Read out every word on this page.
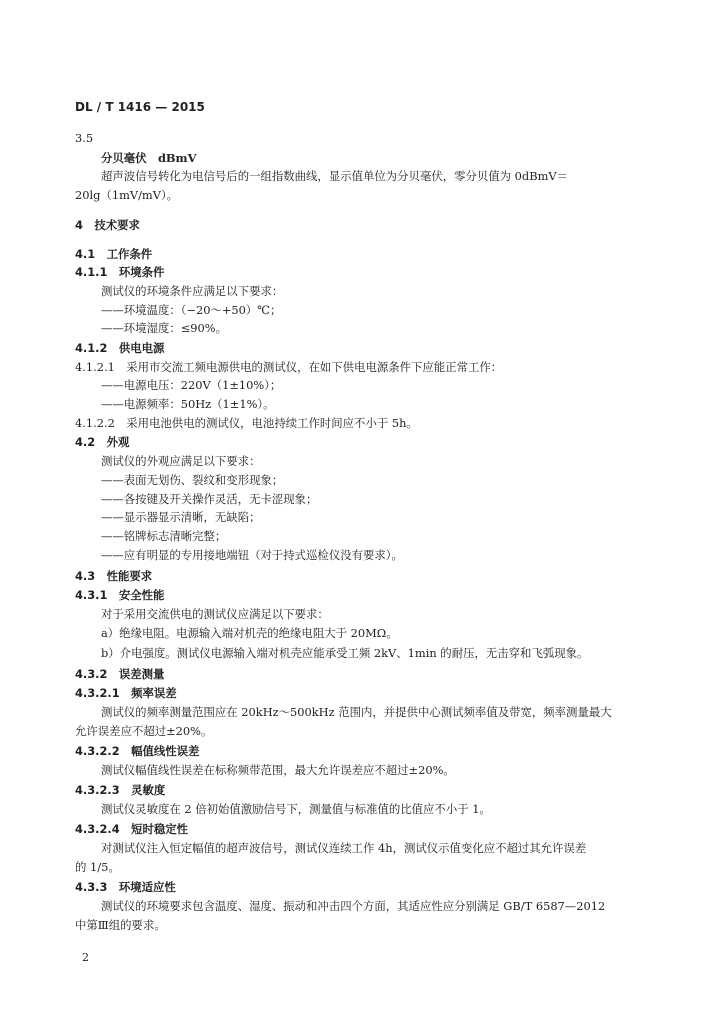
DL / T 1416 — 2015
3.5
分贝毫伏　dBmV
超声波信号转化为电信号后的一组指数曲线，显示值单位为分贝毫伏，零分贝值为 0dBmV＝
20lg（1mV/mV）。
4　技术要求
4.1　工作条件
4.1.1　环境条件
测试仪的环境条件应满足以下要求：
——环境温度：（−20～+50）℃；
——环境湿度：≤90%。
4.1.2　供电电源
4.1.2.1　采用市交流工频电源供电的测试仪，在如下供电电源条件下应能正常工作：
——电源电压：220V（1±10%）；
——电源频率：50Hz（1±1%）。
4.1.2.2　采用电池供电的测试仪，电池持续工作时间应不小于 5h。
4.2　外观
测试仪的外观应满足以下要求：
——表面无划伤、裂纹和变形现象；
——各按键及开关操作灵活，无卡涩现象；
——显示器显示清晰，无缺陷；
——铭牌标志清晰完整；
——应有明显的专用接地端钮（对于持式巡检仪没有要求）。
4.3　性能要求
4.3.1　安全性能
对于采用交流供电的测试仪应满足以下要求：
a）绝缘电阻。电源输入端对机壳的绝缘电阻大于 20MΩ。
b）介电强度。测试仪电源输入端对机壳应能承受工频 2kV、1min 的耐压，无击穿和飞弧现象。
4.3.2　误差测量
4.3.2.1　频率误差
测试仪的频率测量范围应在 20kHz～500kHz 范围内，并提供中心测试频率值及带宽，频率测量最大
允许误差应不超过±20%。
4.3.2.2　幅值线性误差
测试仪幅值线性误差在标称频带范围，最大允许误差应不超过±20%。
4.3.2.3　灵敏度
测试仪灵敏度在 2 倍初始值激励信号下，测量值与标准值的比值应不小于 1。
4.3.2.4　短时稳定性
对测试仪注入恒定幅值的超声波信号，测试仪连续工作 4h，测试仪示值变化应不超过其允许误差
的 1/5。
4.3.3　环境适应性
测试仪的环境要求包含温度、湿度、振动和冲击四个方面，其适应性应分别满足 GB/T 6587—2012
中第Ⅲ组的要求。
2
